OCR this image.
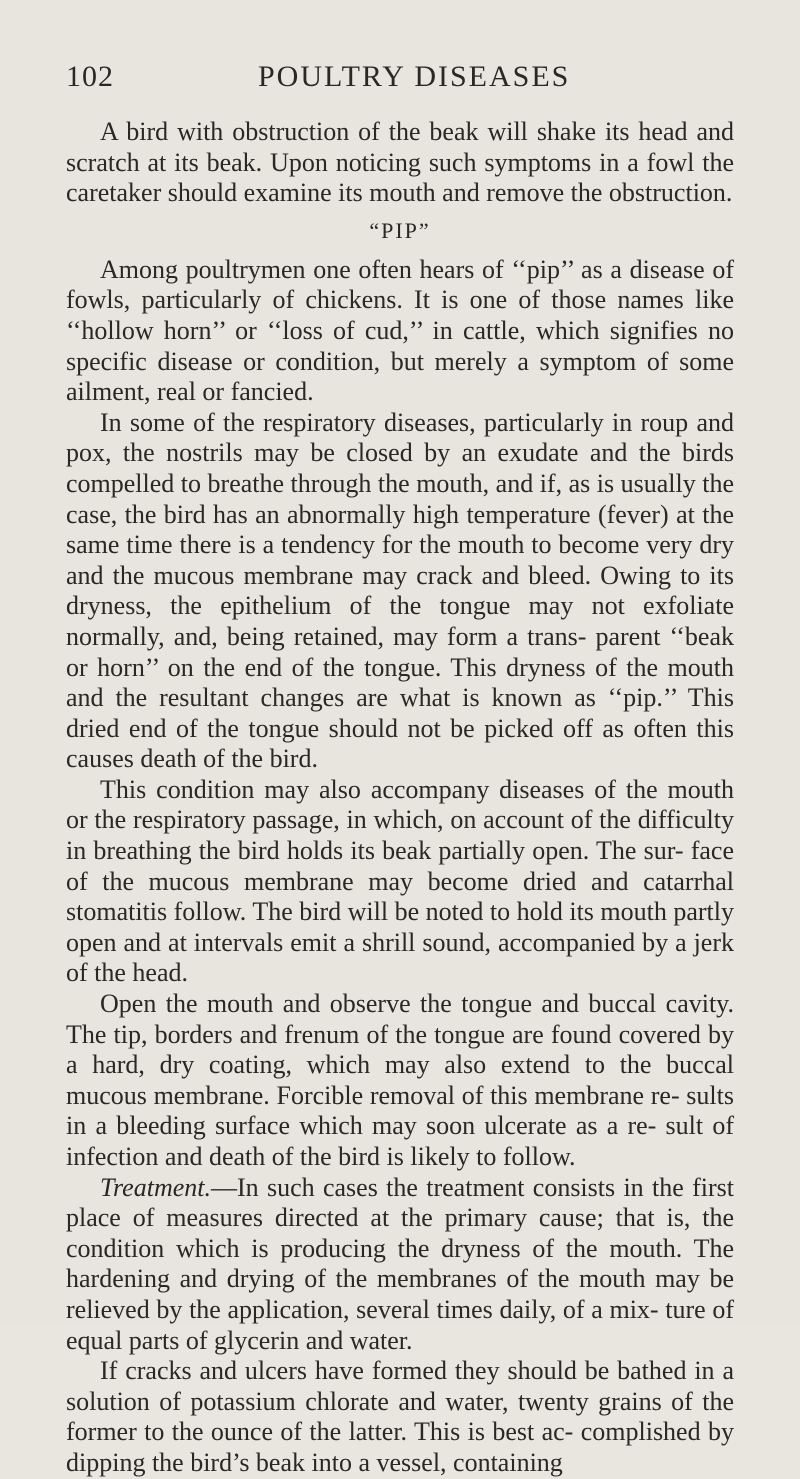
102	POULTRY DISEASES

A bird with obstruction of the beak will shake its head and scratch at its beak. Upon noticing such symptoms in a fowl the caretaker should examine its mouth and remove the obstruction.

“PIP”

Among poultrymen one often hears of ‘‘pip’’ as a disease of fowls, particularly of chickens. It is one of those names like ‘‘hollow horn’’ or ‘‘loss of cud,’’ in cattle, which signifies no specific disease or condition, but merely a symptom of some ailment, real or fancied.

In some of the respiratory diseases, particularly in roup and pox, the nostrils may be closed by an exudate and the birds compelled to breathe through the mouth, and if, as is usually the case, the bird has an abnormally high temperature (fever) at the same time there is a tendency for the mouth to become very dry and the mucous membrane may crack and bleed. Owing to its dryness, the epithelium of the tongue may not exfoliate normally, and, being retained, may form a trans- parent ‘‘beak or horn’’ on the end of the tongue. This dryness of the mouth and the resultant changes are what is known as ‘‘pip.’’ This dried end of the tongue should not be picked off as often this causes death of the bird.

This condition may also accompany diseases of the mouth or the respiratory passage, in which, on account of the difficulty in breathing the bird holds its beak partially open. The sur- face of the mucous membrane may become dried and catarrhal stomatitis follow. The bird will be noted to hold its mouth partly open and at intervals emit a shrill sound, accompanied by a jerk of the head.

Open the mouth and observe the tongue and buccal cavity. The tip, borders and frenum of the tongue are found covered by a hard, dry coating, which may also extend to the buccal mucous membrane. Forcible removal of this membrane re- sults in a bleeding surface which may soon ulcerate as a re- sult of infection and death of the bird is likely to follow.

Treatment.—In such cases the treatment consists in the first place of measures directed at the primary cause; that is, the condition which is producing the dryness of the mouth. The hardening and drying of the membranes of the mouth may be relieved by the application, several times daily, of a mix- ture of equal parts of glycerin and water.

If cracks and ulcers have formed they should be bathed in a solution of potassium chlorate and water, twenty grains of the former to the ounce of the latter. This is best ac- complished by dipping the bird’s beak into a vessel, containing
